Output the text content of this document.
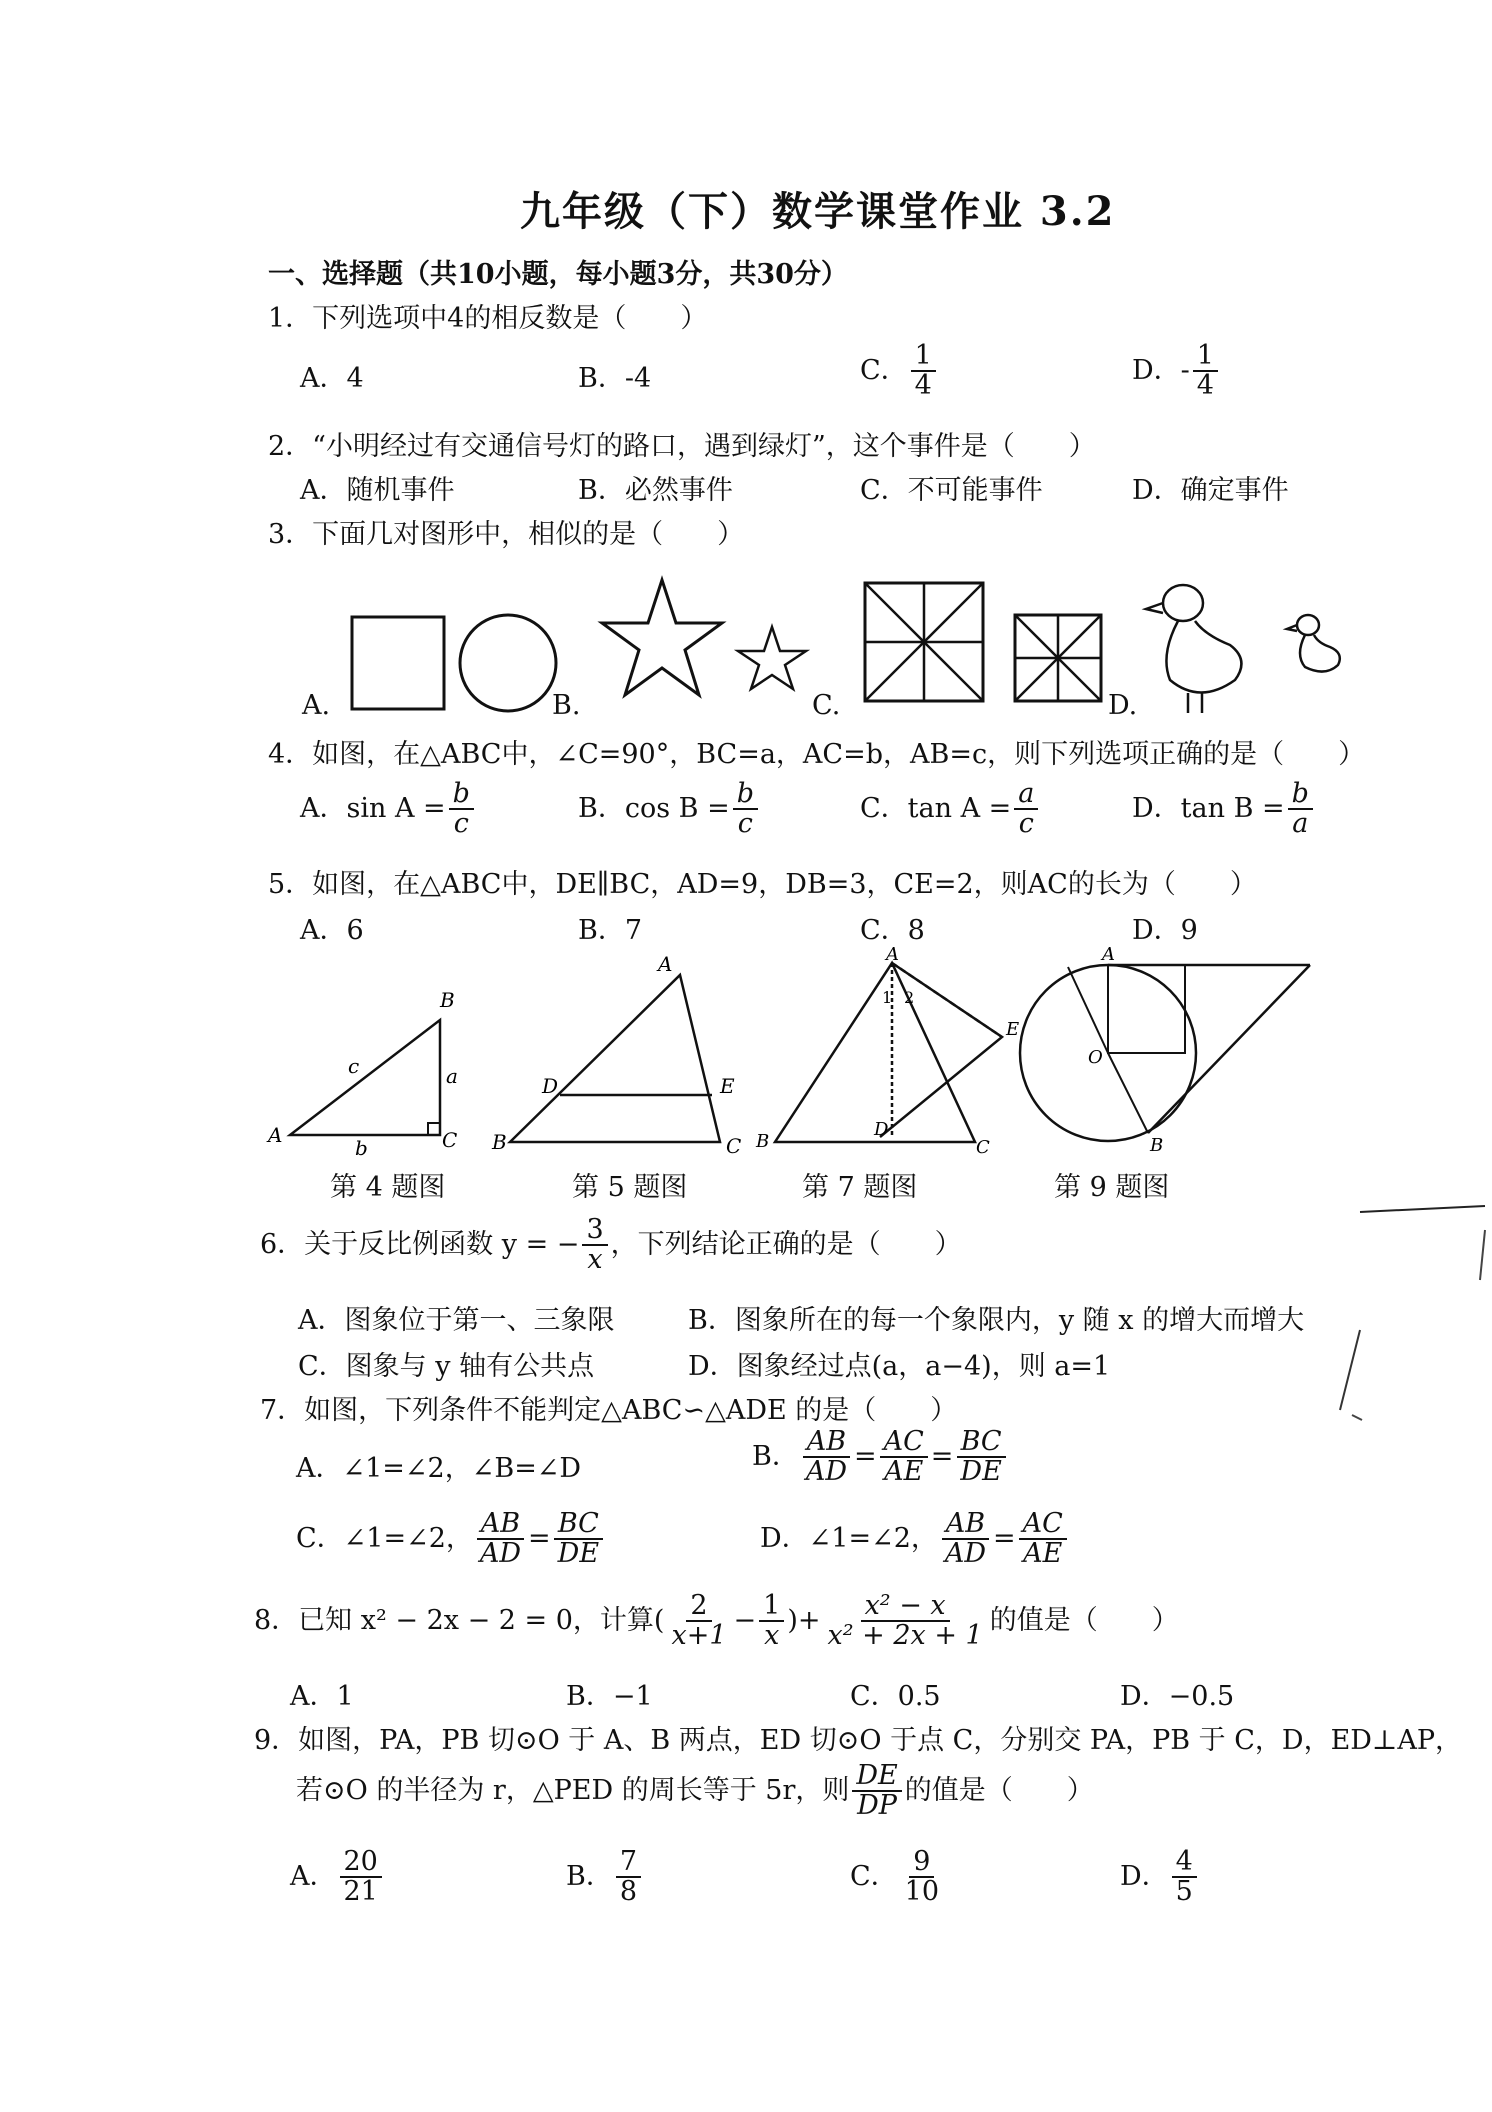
九年级（下）数学课堂作业 3.2
一、选择题（共10小题，每小题3分，共30分）
1．下列选项中4的相反数是（　　）
A．4	B．-4	C． $\frac{1}{4}$	D．- $\frac{1}{4}$
2．“小明经过有交通信号灯的路口，遇到绿灯”，这个事件是（　　）
A．随机事件	B．必然事件	C．不可能事件	D．确定事件
3．下面几对图形中，相似的是（　　）
A.	B.	C.	D.
4．如图，在△ABC中，∠C=90°，BC=a，AC=b，AB=c，则下列选项正确的是（　　）
A．$\sin A = \frac{b}{c}$	B．$\cos B = \frac{b}{c}$	C．$\tan A = \frac{a}{c}$	D．$\tan B = \frac{b}{a}$
5．如图，在△ABC中，DE∥BC，AD=9，DB=3，CE=2，则AC的长为（　　）
A．6	B．7	C．8	D．9
A
B
C
a
b
c
B	C
A
D	E
A
B	C
D
E
1 2
A
O
B
第 4 题图	第 5 题图	第 7 题图	第 9 题图
6．关于反比例函数 y = − $\frac{3}{x}$ ，下列结论正确的是（　　）
A．图象位于第一、三象限	B．图象所在的每一个象限内，y 随 x 的增大而增大
C．图象与 y 轴有公共点	D．图象经过点(a，a−4)，则 a=1
7．如图，下列条件不能判定△ABC∽△ADE 的是（　　）
A．∠1=∠2，∠B=∠D	B． $\frac{AB}{AD} = \frac{AC}{AE} = \frac{BC}{DE}$
C．∠1=∠2， $\frac{AB}{AD} = \frac{BC}{DE}$	D．∠1=∠2， $\frac{AB}{AD} = \frac{AC}{AE}$
8．已知 x² − 2x − 2 = 0，计算( $\frac{2}{x+1} - \frac{1}{x}$ )+ $\frac{\text{x² − x}}{\text{x² + 2x + 1}}$ 的值是（　　）
A．1	B．−1	C．0.5	D．−0.5
9．如图，PA，PB 切⊙O 于 A、B 两点，ED 切⊙O 于点 C，分别交 PA，PB 于 C，D，ED⊥AP，
若⊙O 的半径为 r，△PED 的周长等于 5r，则 $\frac{DE}{DP}$ 的值是（　　）
A． $\frac{20}{21}$	B． $\frac{7}{8}$	C． $\frac{9}{10}$	D． $\frac{4}{5}$
